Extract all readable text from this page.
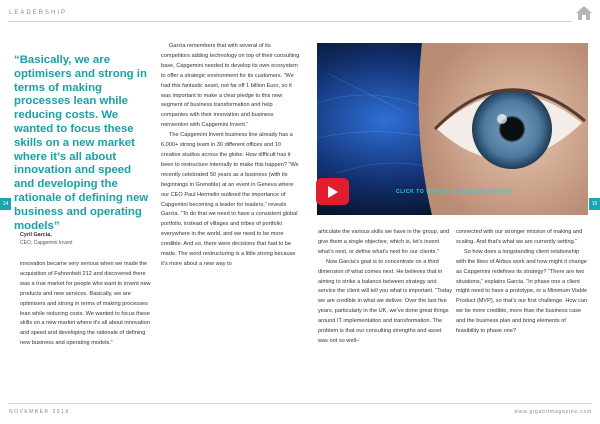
LEADERSHIP

“Basically, we are optimisers and strong in terms of making processes lean while reducing costs. We wanted to focus these skills on a new market where it’s all about innovation and speed and developing the rationale of defining new business and operating models”

Cyril Garcia,
CEO, Capgemini Invent

innovation became very serious when we made the acquisition of Fahrenheit 212 and discovered there was a true market for people who want to invent new products and new services. Basically, we are optimisers and strong in terms of making processes lean while reducing costs. We wanted to focus these skills on a new market where it’s all about innovation and speed and developing the rationale of defining new business and operating models.”

Garcia remembers that with several of its competitors adding technology on top of their consulting base, Capgemini needed to develop its own ecosystem to offer a strategic environment for its customers. “We had this fantastic asset, not far off 1 billion Euro, so it was important to make a clear pledge to this new segment of business transformation and help companies with their innovation and business reinvention with Capgemini Invent.”

The Capgemini Invent business line already has a 6,000+ strong team in 30 different offices and 10 creative studios across the globe. How difficult has it been to restructure internally to make this happen? “We recently celebrated 50 years as a business (with its beginnings in Grenoble) at an event in Geneva where our CEO Paul Hermelin outlined the importance of Capgemini becoming a leader for leaders,” reveals Garcia. “To do that we need to have a consistent global portfolio, instead of villages and tribes of portfolio everywhere in the world, and we need to be more credible. And so, there were decisions that had to be made. The word restructuring is a little strong because it’s more about a new way to

14	15
CLICK TO WATCH: ‘CAPGEMINI INVENT’

articulate the various skills we have in the group, and give them a single objective, which is, let’s invent what’s next, or define what’s next for our clients.”

Now Garcia’s goal is to concentrate on a third dimension of what comes next. He believes that in aiming to strike a balance between strategy and service the client will tell you what is important. “Today we are credible in what we deliver. Over the last five years, particularly in the UK, we’ve done great things around IT implementation and transformation. The problem is that our consulting strengths and asset was not so well–

connected with our stronger mission of making and scaling. And that’s what we are currently setting.”

So how does a longstanding client relationship with the likes of Airbus work and how might it change as Capgemini redefines its strategy? “There are two situations,” explains Garcia. “In phase one a client might need to have a prototype, or a Minimum Viable Product (MVP), so that’s our first challenge. How can we be more credible, more than the business case and the business plan and bring elements of feasibility to phase one?

NOVEMBER 2018	www.gigabitmagazine.com
